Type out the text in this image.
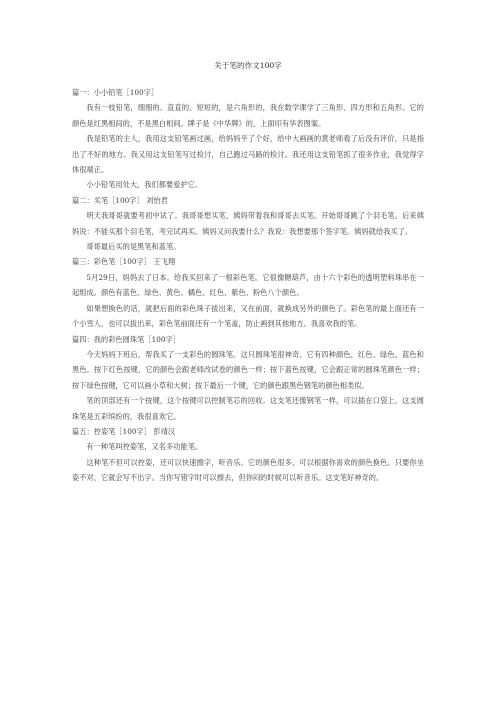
关于笔的作文100字

篇一：小小铅笔［100字］

我有一枝铅笔，细细的、直直的、短短的，是六角形的，我在数学课学了三角形、四方形和五角形。它的颜色是红黑相间的，不是黑白相间。牌子是《中华牌》的，上面印有华表图案。

我是铅笔的主人，我用这支铅笔画过画，给妈妈平了个好，给中大画画的黄老师看了后没有评价，只是指出了不好的地方。我又用这支铅笔写过检讨，自己跑过马路的检讨。我还用这支铅笔抓了很多作业，我觉得字体很端正。

小小铅笔用处大，我们都要爱护它。

篇二：买笔［100字］ 刘怡君

明天我哥哥就要考初中试了。我哥哥想买笔，姨妈带着我和哥哥去买笔。开始哥哥跳了个羽毛笔。后来姨妈说：不能买那个羽毛笔，考完试再买。姨妈又问我要什么？我说：我想要那个签字笔。姨妈就给我买了。

哥哥最后买的是黑笔和蓝笔。

篇三：彩色笔［100字］ 王飞翔

5月29日，妈妈去了日本。给我买回来了一根彩色笔。它很像糖葫芦，由十六个彩色的透明塑料珠串在一起组成。颜色有蓝色、绿色、黄色、橘色、红色、紫色、粉色八个颜色。

如果想换色的话，就把后面的彩色珠子拔出来，又在前面，就换成另外的颜色了。彩色笔的最上面还有一个小雪人，也可以拔出来，彩色笔前面还有一个笔盖，防止画到其他地方。我喜欢我的笔。

篇四：我的彩色圆珠笔［100字］

今天妈妈下班后，帮我买了一支彩色的圆珠笔。这只圆珠笔很神奇。它有四种颜色，红色、绿色、蓝色和黑色。按下红色按键，它的颜色会跟老师改试卷的颜色一样；按下蓝色按键，它会跟正常的圆珠笔颜色一样；按下绿色按键，它可以画小草和大树；按下最后一个键，它的颜色跟黑色钢笔的颜色相类似。

笔的顶部还有一个按键，这个按键可以控制笔芯的回收。这支笔还像钢笔一样，可以插在口袋上。这支圆珠笔是五彩缤纷的，我很喜欢它。

篇五：控姿笔［100字］ 彭靖汉

有一种笔叫控姿笔，又名多功能笔。

这种笔不但可以控姿，还可以快速擦字，听音乐。它的颜色很多，可以根据你喜欢的颜色换色。只要你坐姿不对，它就会写不出字。当你写错字时可以擦去，但你闷的时候可以听音乐。这支笔好神奇的。
